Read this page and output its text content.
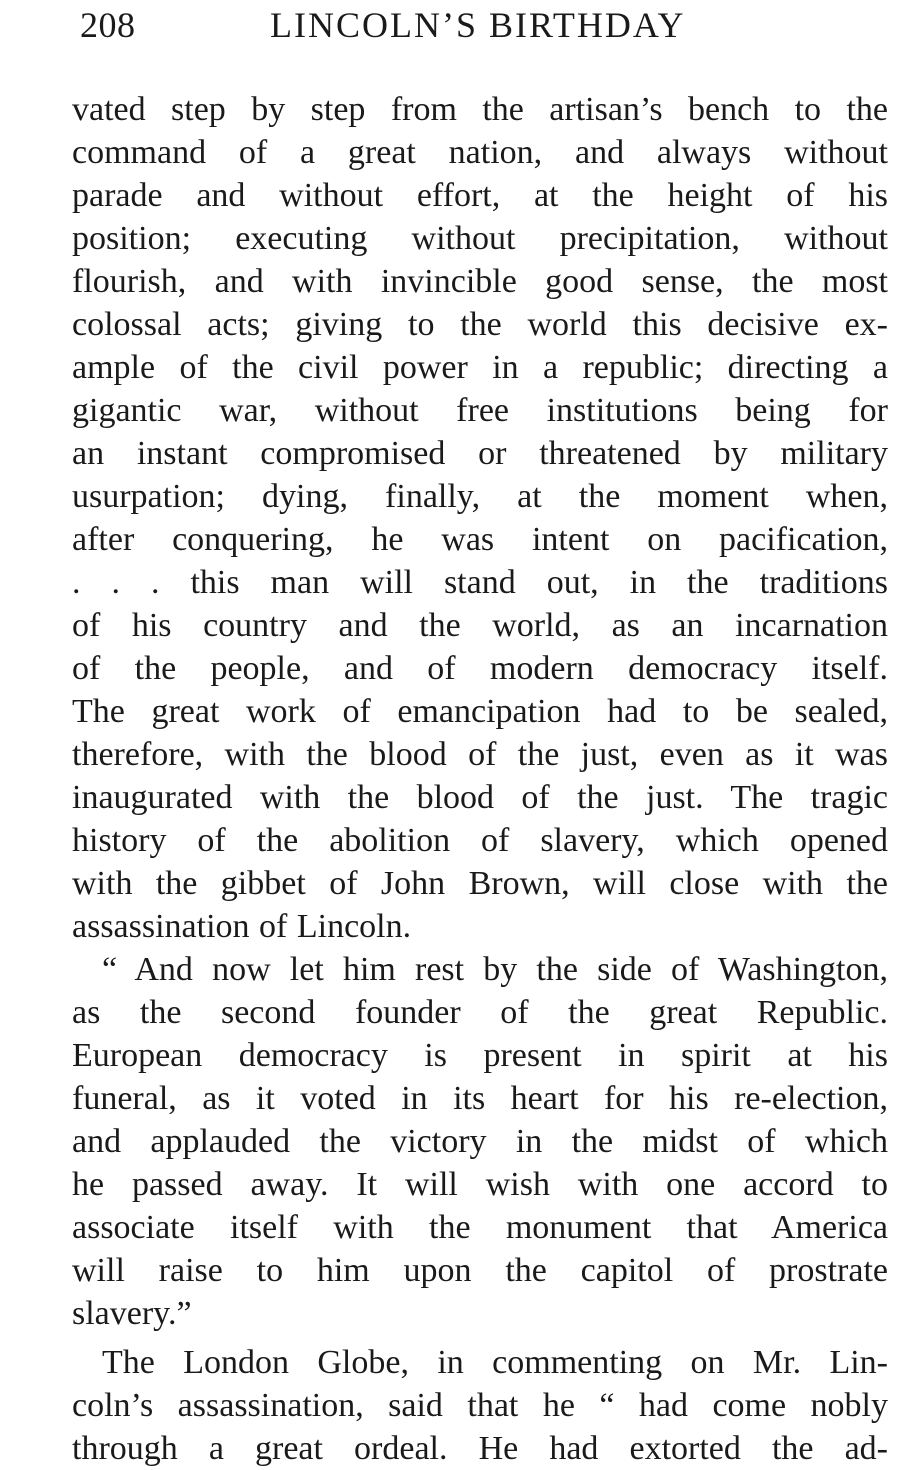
208	LINCOLN’S BIRTHDAY
vated step by step from the artisan’s bench to the
command of a great nation, and always without
parade and without effort, at the height of his
position; executing without precipitation, without
flourish, and with invincible good sense, the most
colossal acts; giving to the world this decisive ex-
ample of the civil power in a republic; directing a
gigantic war, without free institutions being for
an instant compromised or threatened by military
usurpation; dying, finally, at the moment when,
after conquering, he was intent on pacification,
. . . this man will stand out, in the traditions
of his country and the world, as an incarnation
of the people, and of modern democracy itself.
The great work of emancipation had to be sealed,
therefore, with the blood of the just, even as it was
inaugurated with the blood of the just. The tragic
history of the abolition of slavery, which opened
with the gibbet of John Brown, will close with the
assassination of Lincoln.
“ And now let him rest by the side of Washington,
as the second founder of the great Republic.
European democracy is present in spirit at his
funeral, as it voted in its heart for his re-election,
and applauded the victory in the midst of which
he passed away. It will wish with one accord to
associate itself with the monument that America
will raise to him upon the capitol of prostrate
slavery.”
The London Globe, in commenting on Mr. Lin-
coln’s assassination, said that he “ had come nobly
through a great ordeal. He had extorted the ad-
